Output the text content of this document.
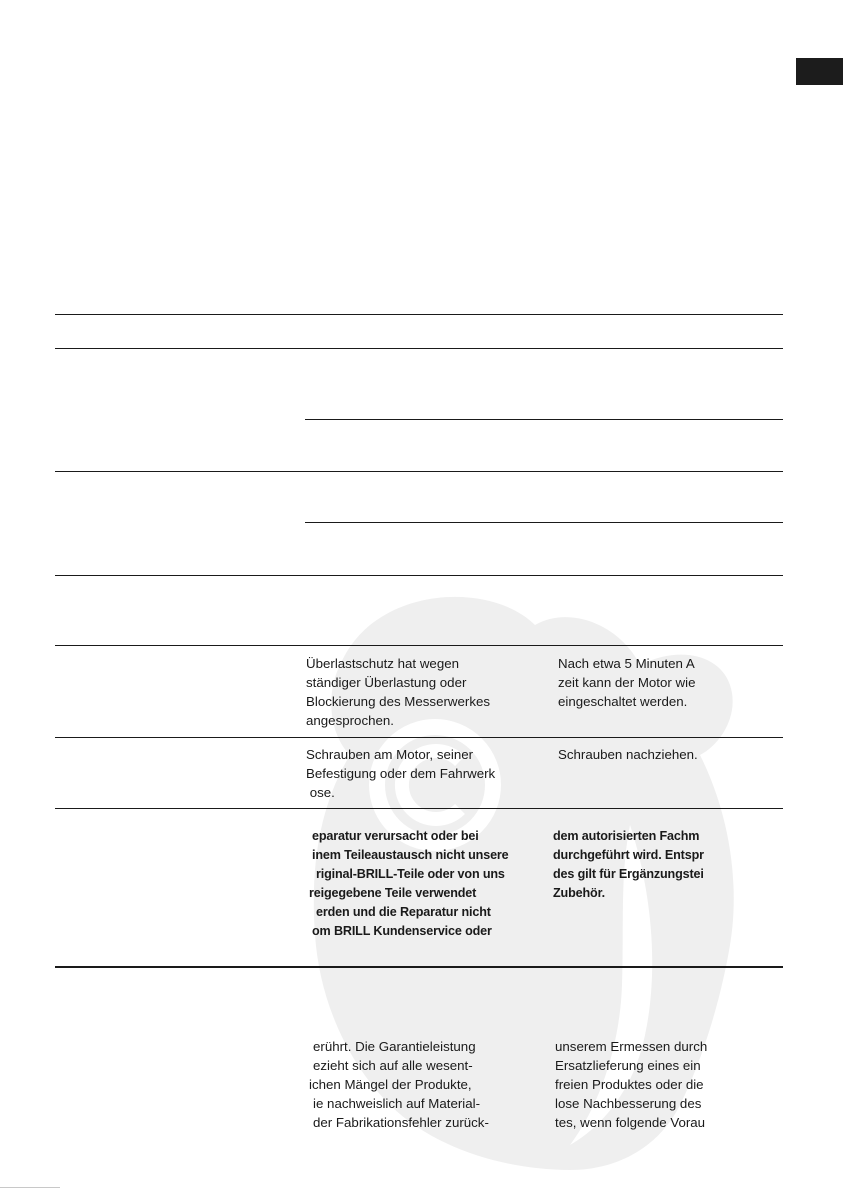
Überlastschutz hat wegen
ständiger Überlastung oder
Blockierung des Messerwerkes
angesprochen.
Nach etwa 5 Minuten A
zeit kann der Motor wie
eingeschaltet werden.
Schrauben am Motor, seiner
Befestigung oder dem Fahrwerk
ose.
Schrauben nachziehen.
eparatur verursacht oder bei
inem Teileaustausch nicht unsere
riginal-BRILL-Teile oder von uns
reigegebene Teile verwendet
erden und die Reparatur nicht
om BRILL Kundenservice oder
dem autorisierten Fachm
durchgeführt wird. Entspr
des gilt für Ergänzungstei
Zubehör.
erührt. Die Garantieleistung
ezieht sich auf alle wesent-
ichen Mängel der Produkte,
ie nachweislich auf Material-
der Fabrikationsfehler zurück-
unserem Ermessen durch
Ersatzlieferung eines ein
freien Produktes oder die
lose Nachbesserung des
tes, wenn folgende Vorau
